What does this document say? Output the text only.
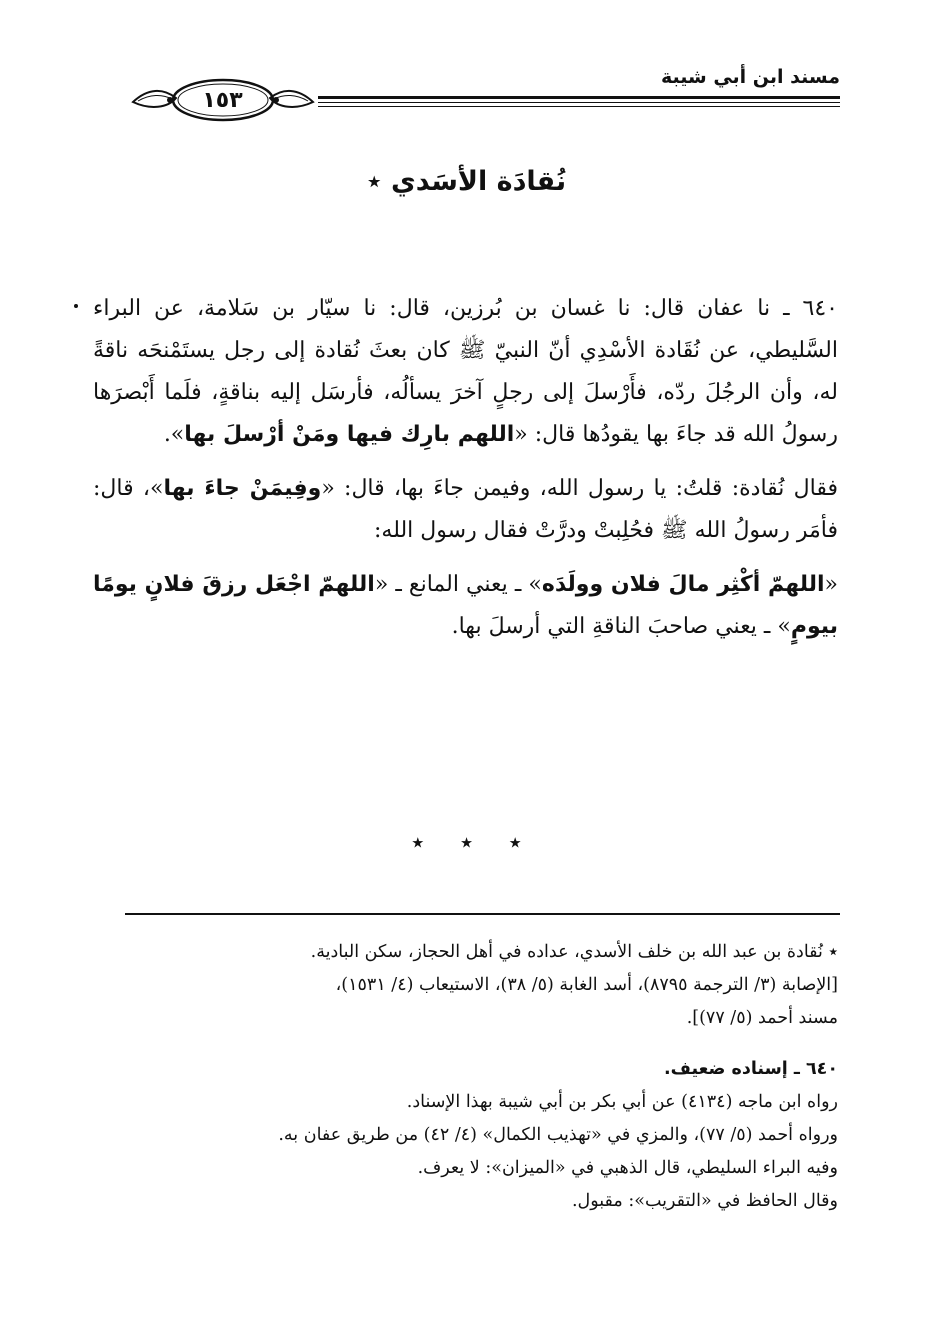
مسند ابن أبي شيبة
١٥٣
نُقادَة الأسَدي ٭

٦٤٠ ـ نا عفان قال: نا غسان بن بُرزين، قال: نا سيّار بن سَلامة، عن البراء السَّليطي، عن نُقَادة الأسْدِي أنّ النبيّ ﷺ كان بعثَ نُقادة إلى رجل يستَمْنحَه ناقةً له، وأن الرجُلَ ردّه، فأَرْسلَ إلى رجلٍ آخرَ يسألُه، فأرسَل إليه بناقةٍ، فلَما أَبْصرَها رسولُ الله قد جاءَ بها يقودُها قال: «اللهم بارِك فيها ومَنْ أرْسلَ بها».

فقال نُقادة: قلتُ: يا رسول الله، وفيمن جاءَ بها، قال: «وفِيمَنْ جاءَ بها»، قال: فأمَر رسولُ الله ﷺ فحُلِبتْ ودرَّتْ فقال رسول الله:

«اللهمّ أكْثِر مالَ فلان وولَدَه» ـ يعني المانع ـ «اللهمّ اجْعَل رزقَ فلانٍ يومًا بيومٍ» ـ يعني صاحبَ الناقةِ التي أرسلَ بها.

٭ ٭ ٭

٭ نُقادة بن عبد الله بن خلف الأسدي، عداده في أهل الحجاز، سكن البادية.

[الإصابة (٣/ الترجمة ٨٧٩٥)، أسد الغابة (٥/ ٣٨)، الاستيعاب (٤/ ١٥٣١)،

مسند أحمد (٥/ ٧٧)].

٦٤٠ ـ إسناده ضعيف.

رواه ابن ماجه (٤١٣٤) عن أبي بكر بن أبي شيبة بهذا الإسناد.

ورواه أحمد (٥/ ٧٧)، والمزي في «تهذيب الكمال» (٤/ ٤٢) من طريق عفان به.

وفيه البراء السليطي، قال الذهبي في «الميزان»: لا يعرف.

وقال الحافظ في «التقريب»: مقبول.
